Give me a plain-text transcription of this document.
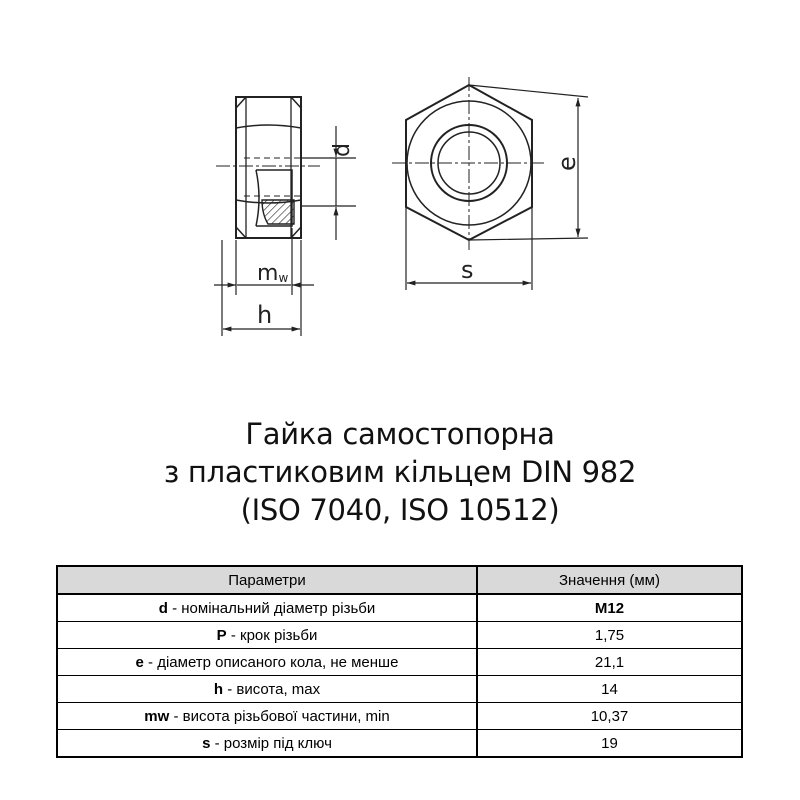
d
mw
h
e
s
Гайка самостопорна
з пластиковим кільцем DIN 982
(ISO 7040, ISO 10512)
Параметри	Значення (мм)
d - номінальний діаметр різьби	M12
P - крок різьби	1,75
e - діаметр описаного кола, не менше	21,1
h - висота, max	14
mw - висота різьбової частини, min	10,37
s - розмір під ключ	19
